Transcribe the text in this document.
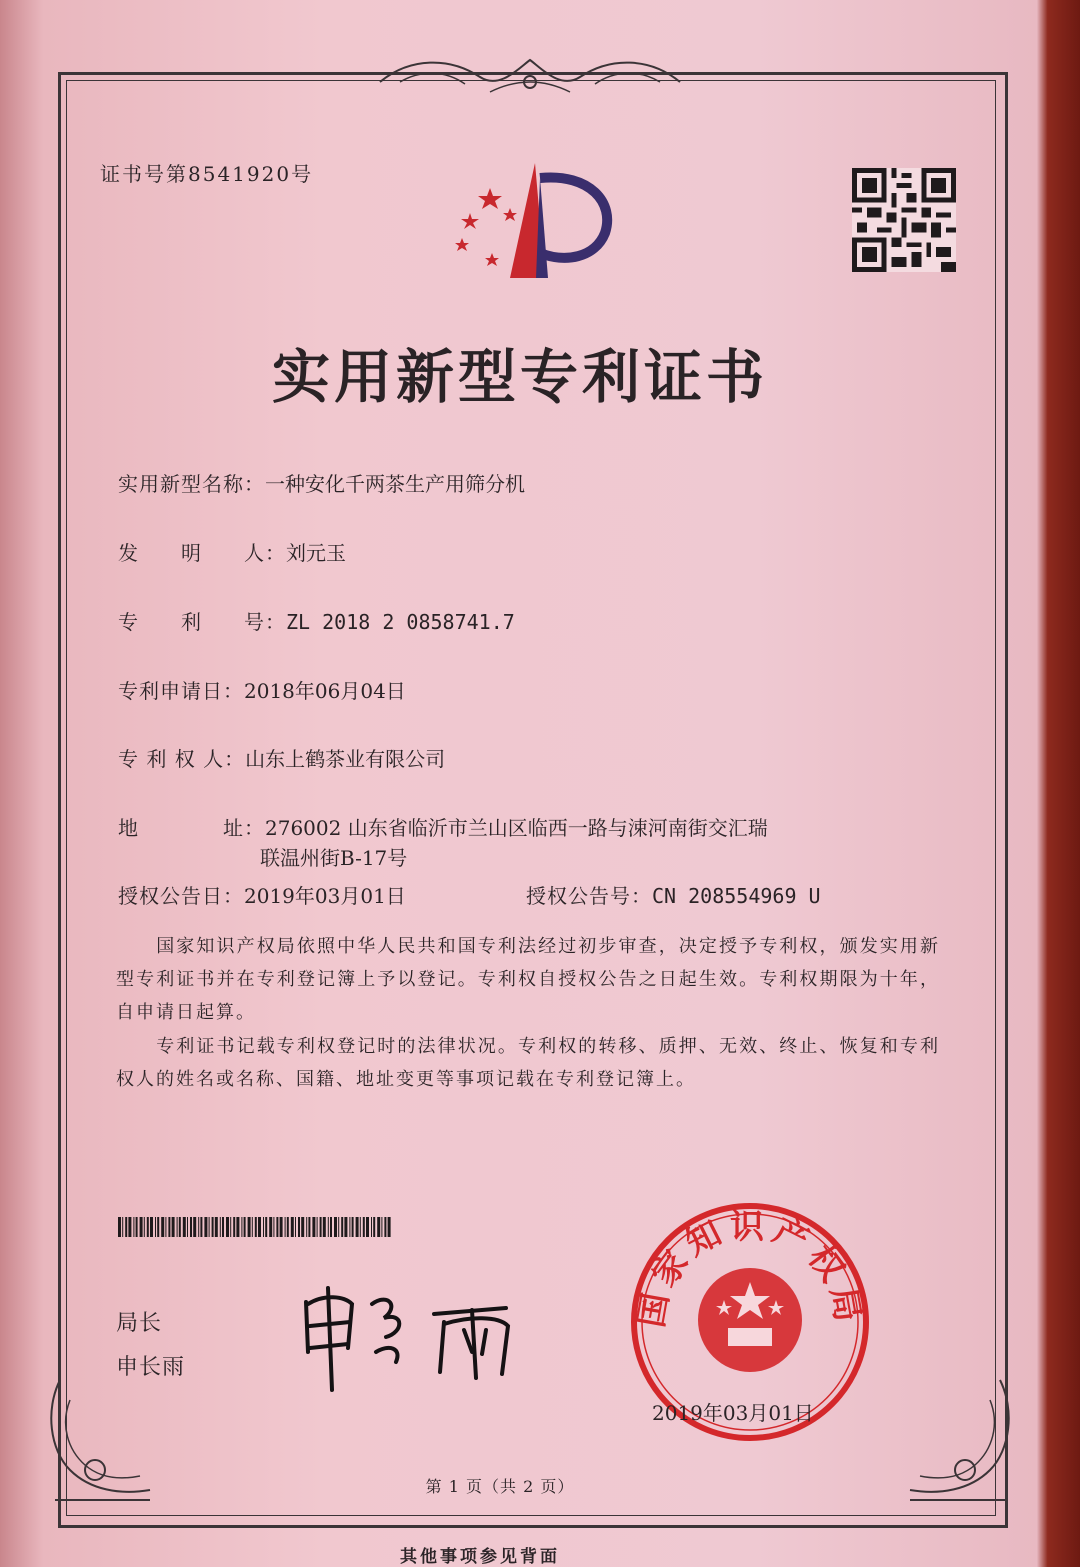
证书号第8541920号
实用新型专利证书
实用新型名称：一种安化千两茶生产用筛分机
发　　明　　人：刘元玉
专　　利　　号：ZL 2018 2 0858741.7
专利申请日：2018年06月04日
专 利 权 人：山东上鹤茶业有限公司
地　　　　址：276002 山东省临沂市兰山区临西一路与涑河南街交汇瑞
联温州街B-17号
授权公告日：2019年03月01日	授权公告号：CN 208554969 U
　　国家知识产权局依照中华人民共和国专利法经过初步审查，决定授予专利权，颁发实用新型专利证书并在专利登记簿上予以登记。专利权自授权公告之日起生效。专利权期限为十年，自申请日起算。
　　专利证书记载专利权登记时的法律状况。专利权的转移、质押、无效、终止、恢复和专利权人的姓名或名称、国籍、地址变更等事项记载在专利登记簿上。
局长
申长雨
国家知识产权局
2019年03月01日
第 1 页（共 2 页）
其他事项参见背面
